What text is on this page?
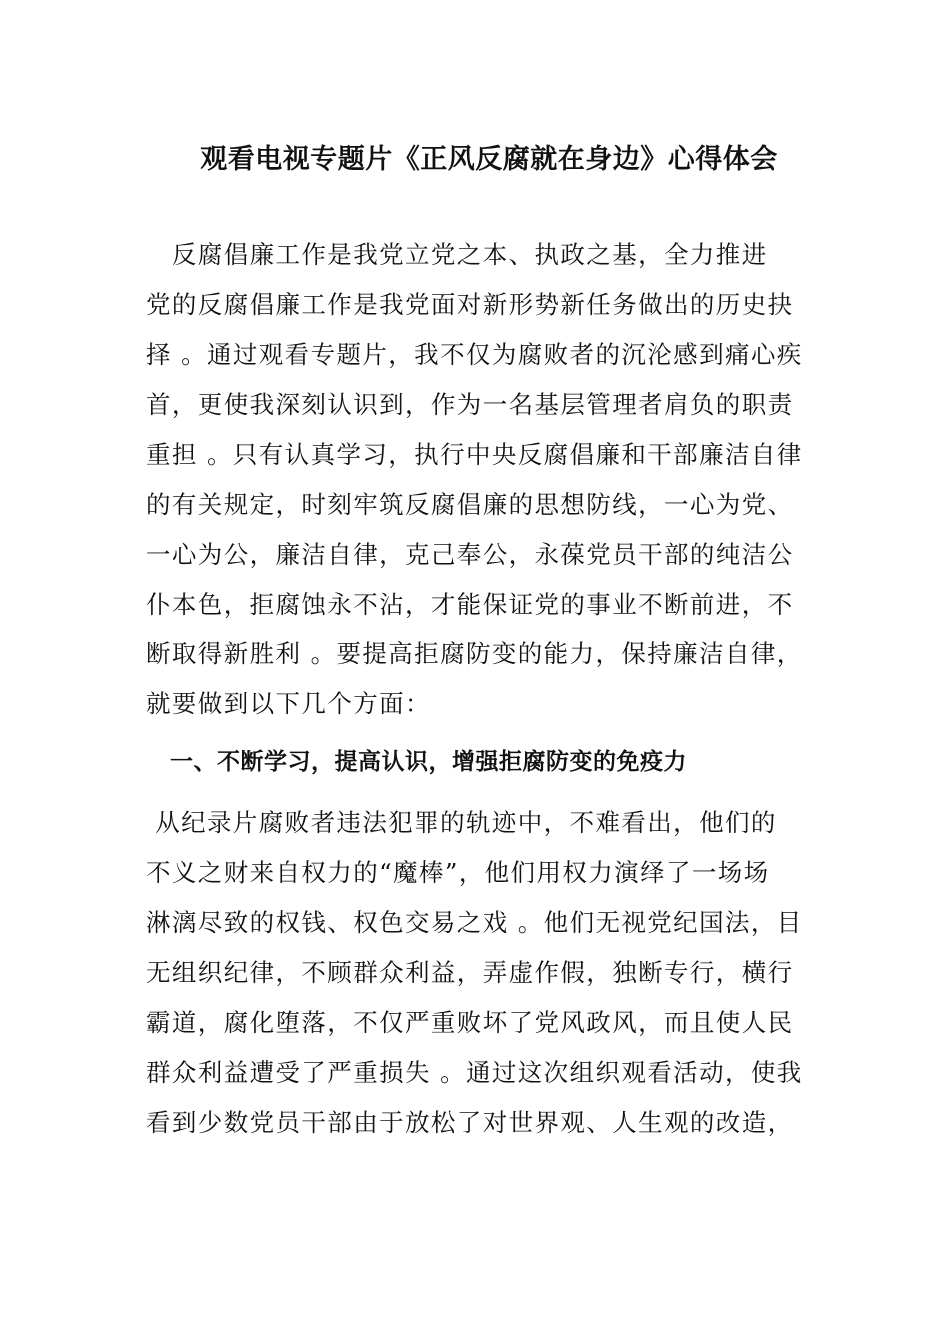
观看电视专题片《正风反腐就在身边》心得体会
　反腐倡廉工作是我党立党之本、执政之基，全力推进
党的反腐倡廉工作是我党面对新形势新任务做出的历史抉
择 。通过观看专题片，我不仅为腐败者的沉沦感到痛心疾
首，更使我深刻认识到，作为一名基层管理者肩负的职责
重担 。只有认真学习，执行中央反腐倡廉和干部廉洁自律
的有关规定，时刻牢筑反腐倡廉的思想防线，一心为党、
一心为公，廉洁自律，克己奉公，永葆党员干部的纯洁公
仆本色，拒腐蚀永不沾，才能保证党的事业不断前进，不
断取得新胜利 。要提高拒腐防变的能力，保持廉洁自律，
就要做到以下几个方面：
一、不断学习，提高认识，增强拒腐防变的免疫力
从纪录片腐败者违法犯罪的轨迹中，不难看出，他们的
不义之财来自权力的“魔棒”，他们用权力演绎了一场场
淋漓尽致的权钱、权色交易之戏 。他们无视党纪国法，目
无组织纪律，不顾群众利益，弄虚作假，独断专行，横行
霸道，腐化堕落，不仅严重败坏了党风政风，而且使人民
群众利益遭受了严重损失 。通过这次组织观看活动，使我
看到少数党员干部由于放松了对世界观、人生观的改造，
